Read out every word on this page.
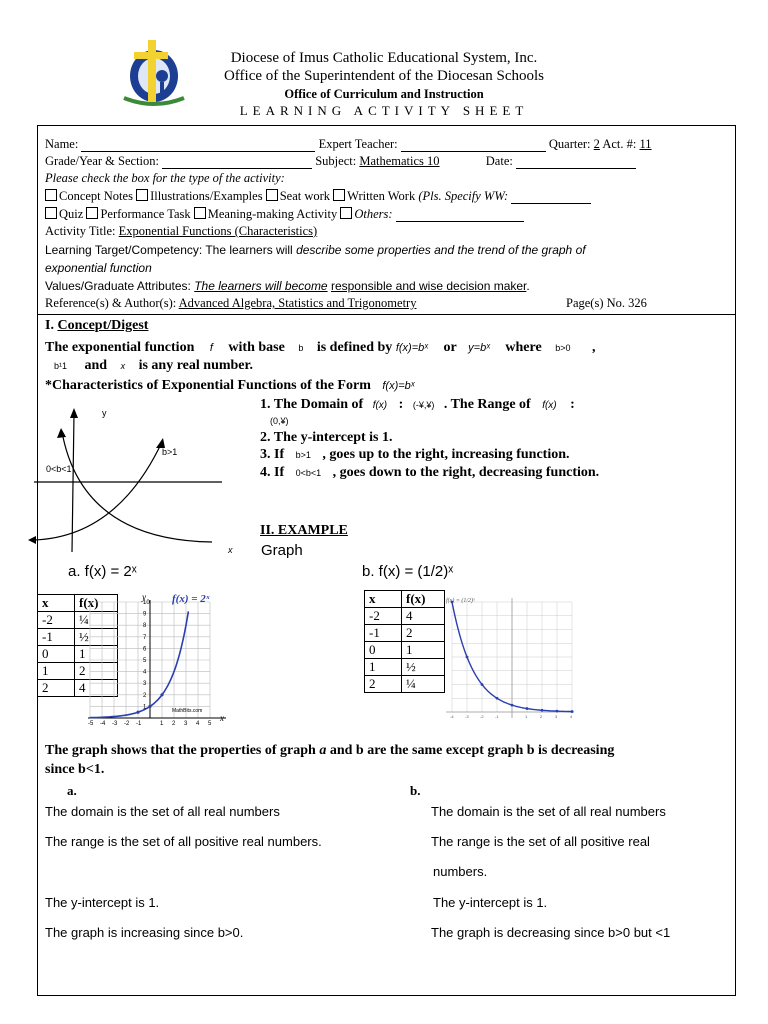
Diocese of Imus Catholic Educational System, Inc.
Office of the Superintendent of the Diocesan Schools
Office of Curriculum and Instruction
LEARNING ACTIVITY SHEET
Name:	Expert Teacher:	Quarter: 2 Act. #: 11
Grade/Year & Section:	Subject: Mathematics 10	Date:
Please check the box for the type of the activity:
Concept Notes Illustrations/Examples Seat work Written Work (Pls. Specify WW:
Quiz Performance Task Meaning-making Activity Others:
Activity Title: Exponential Functions (Characteristics)
Learning Target/Competency: The learners will describe some properties and the trend of the graph of
exponential function
Values/Graduate Attributes: The learners will become responsible and wise decision maker.
Reference(s) & Author(s): Advanced Algebra, Statistics and Trigonometry	Page(s) No. 326
I. Concept/Digest
The exponential function f with base b is defined by f(x)=bˣ or y=bˣ where b>0 ,
b¹1 and x is any real number.
*Characteristics of Exponential Functions of the Form f(x)=bˣ
1. The Domain of f(x) : (-¥,¥) . The Range of f(x) :
(0,¥)
2. The y-intercept is 1.
3. If b>1 , goes up to the right, increasing function.
4. If 0<b<1 , goes down to the right, decreasing function.
y
x
b>1
0<b<1
II. EXAMPLE
Graph
a. f(x) = 2ˣ	b. f(x) = (1/2)ˣ
x	f(x)
-2	¼
-1	½
0	1
1	2
2	4
x	f(x)
-2	4
-1	2
0	1
1	½
2	¼
10
9
8
7
6
5
4
3
2
1
-5 -4 -3 -2 -1	1 2 3 4 5
y
x
f(x) = 2ˣ
MathBits.com
-4	-3	-2	-1	1	2	3	4
f(x) = (1/2)ˣ
The graph shows that the properties of graph a and b are the same except graph b is decreasing
since b<1.
a.	b.
The domain is the set of all real numbers
The range is the set of all positive real numbers.
The y-intercept is 1.
The graph is increasing since b>0.
The domain is the set of all real numbers
The range is the set of all positive real
numbers.
The y-intercept is 1.
The graph is decreasing since b>0 but <1
